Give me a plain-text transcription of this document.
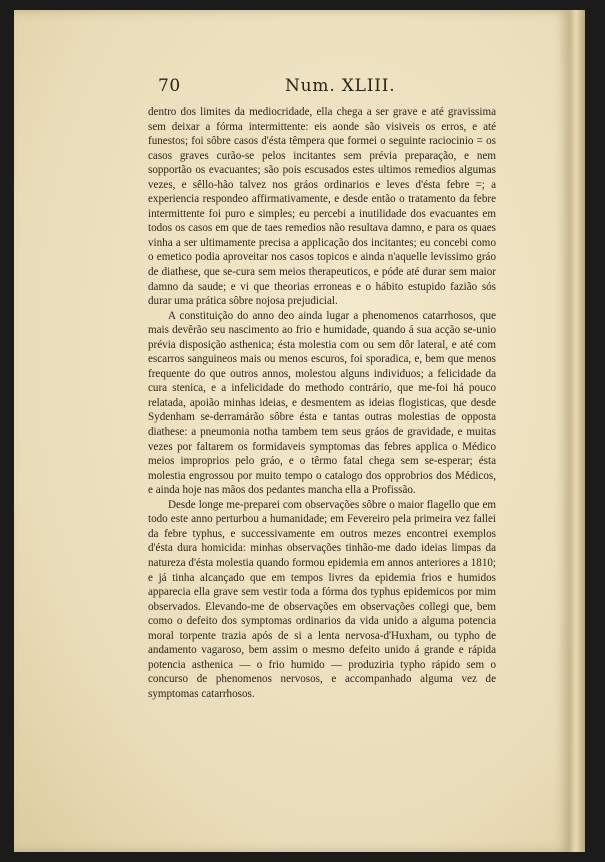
70	Num. XLIII.

dentro dos limites da mediocridade, ella chega a ser grave e até gravissima sem deixar a fórma intermittente: eis aonde são visiveis os erros, e até funestos; foi sôbre casos d'ésta têmpera que formei o seguinte raciocinio = os casos graves curão-se pelos incitantes sem prévia preparação, e nem sopportão os evacuantes; são pois escusados estes ultimos remedios algumas vezes, e sêllo-hão talvez nos gráos ordinarios e leves d'ésta febre =; a experiencia respondeo affirmativamente, e desde então o tratamento da febre intermittente foi puro e simples; eu percebi a inutilidade dos evacuantes em todos os casos em que de taes remedios não resultava damno, e para os quaes vinha a ser ultimamente precisa a applicação dos incitantes; eu concebi como o emetico podia aproveitar nos casos topicos e ainda n'aquelle levissimo gráo de diathese, que se-cura sem meios therapeuticos, e póde até durar sem maior damno da saude; e vi que theorias erroneas e o hábito estupido fazião sós durar uma prática sôbre nojosa prejudicial.

A constituição do anno deo ainda lugar a phenomenos catarrhosos, que mais devêrão seu nascimento ao frio e humidade, quando á sua acção se-unio prévia disposição asthenica; ésta molestia com ou sem dôr lateral, e até com escarros sanguineos mais ou menos escuros, foi sporadica, e, bem que menos frequente do que outros annos, molestou alguns individuos; a felicidade da cura stenica, e a infelicidade do methodo contrário, que me-foi há pouco relatada, apoião minhas ideias, e desmentem as ideias flogisticas, que desde Sydenham se-derramárão sôbre ésta e tantas outras molestias de opposta diathese: a pneumonia notha tambem tem seus gráos de gravidade, e muitas vezes por faltarem os formidaveis symptomas das febres applica o Médico meios improprios pelo gráo, e o têrmo fatal chega sem se-esperar; ésta molestia engrossou por muito tempo o catalogo dos opprobrios dos Médicos, e ainda hoje nas mãos dos pedantes mancha ella a Profissão.

Desde longe me-preparei com observações sôbre o maior flagello que em todo este anno perturbou a humanidade; em Fevereiro pela primeira vez fallei da febre typhus, e successivamente em outros mezes encontrei exemplos d'ésta dura homicida: minhas observações tinhão-me dado ideias limpas da natureza d'ésta molestia quando formou epidemia em annos anteriores a 1810; e já tinha alcançado que em tempos livres da epidemia frios e humidos apparecia ella grave sem vestir toda a fórma dos typhus epidemicos por mim observados. Elevando-me de observações em observações collegi que, bem como o defeito dos symptomas ordinarios da vida unido a alguma potencia moral torpente trazia após de si a lenta nervosa-d'Huxham, ou typho de andamento vagaroso, bem assim o mesmo defeito unido á grande e rápida potencia asthenica — o frio humido — produziria typho rápido sem o concurso de phenomenos nervosos, e accompanhado alguma vez de symptomas catarrhosos.
